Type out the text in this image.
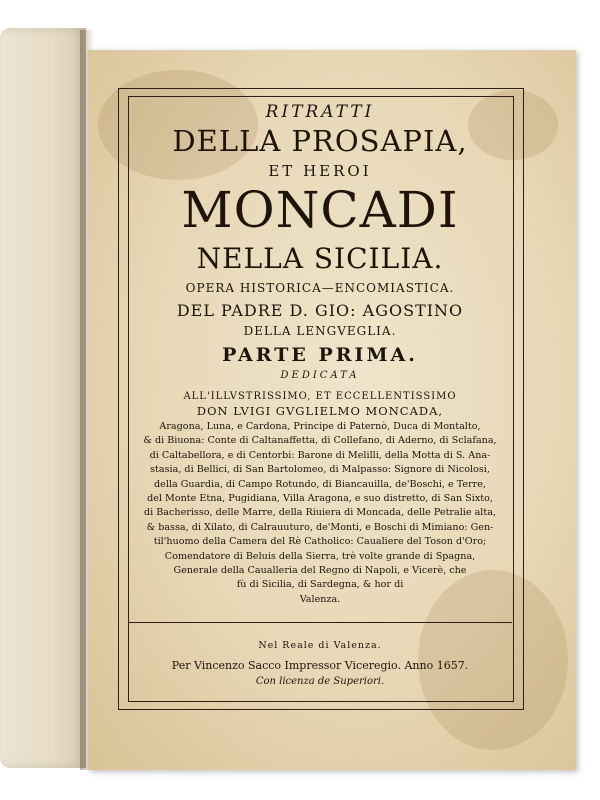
RITRATTI

DELLA PROSAPIA,

ET HEROI

MONCADI

NELLA SICILIA.

OPERA HISTORICA—ENCOMIASTICA.

DEL PADRE D. GIO: AGOSTINO

DELLA LENGVEGLIA.

PARTE PRIMA.

DEDICATA

ALL'ILLVSTRISSIMO, ET ECCELLENTISSIMO

DON LVIGI GVGLIELMO MONCADA,

Aragona, Luna, e Cardona, Principe di Paternò, Duca di Montalto,
& di Biuona: Conte di Caltanaffetta, di Collefano, di Aderno, di Sclafana,
di Caltabellora, e di Centorbi: Barone di Melilli, della Motta di S. Ana-
stasia, di Bellici, di San Bartolomeo, di Malpasso: Signore di Nicolosi,
della Guardia, di Campo Rotundo, di Biancauilla, de'Boschi, e Terre,
del Monte Etna, Pugidiana, Villa Aragona, e suo distretto, di San Sixto,
di Bacherisso, delle Marre, della Riuiera di Moncada, delle Petralie alta,
& bassa, di Xilato, di Calrauuturo, de'Monti, e Boschi di Mimiano: Gen-
til'huomo della Camera del Rè Catholico: Caualiere del Toson d'Oro;
Comendatore di Beluis della Sierra, trè volte grande di Spagna,
Generale della Caualleria del Regno di Napoli, e Vicerè, che
fù di Sicilia, di Sardegna, & hor di
Valenza.

Nel Reale di Valenza.

Per Vincenzo Sacco Impressor Viceregio. Anno 1657.

Con licenza de Superiori.
